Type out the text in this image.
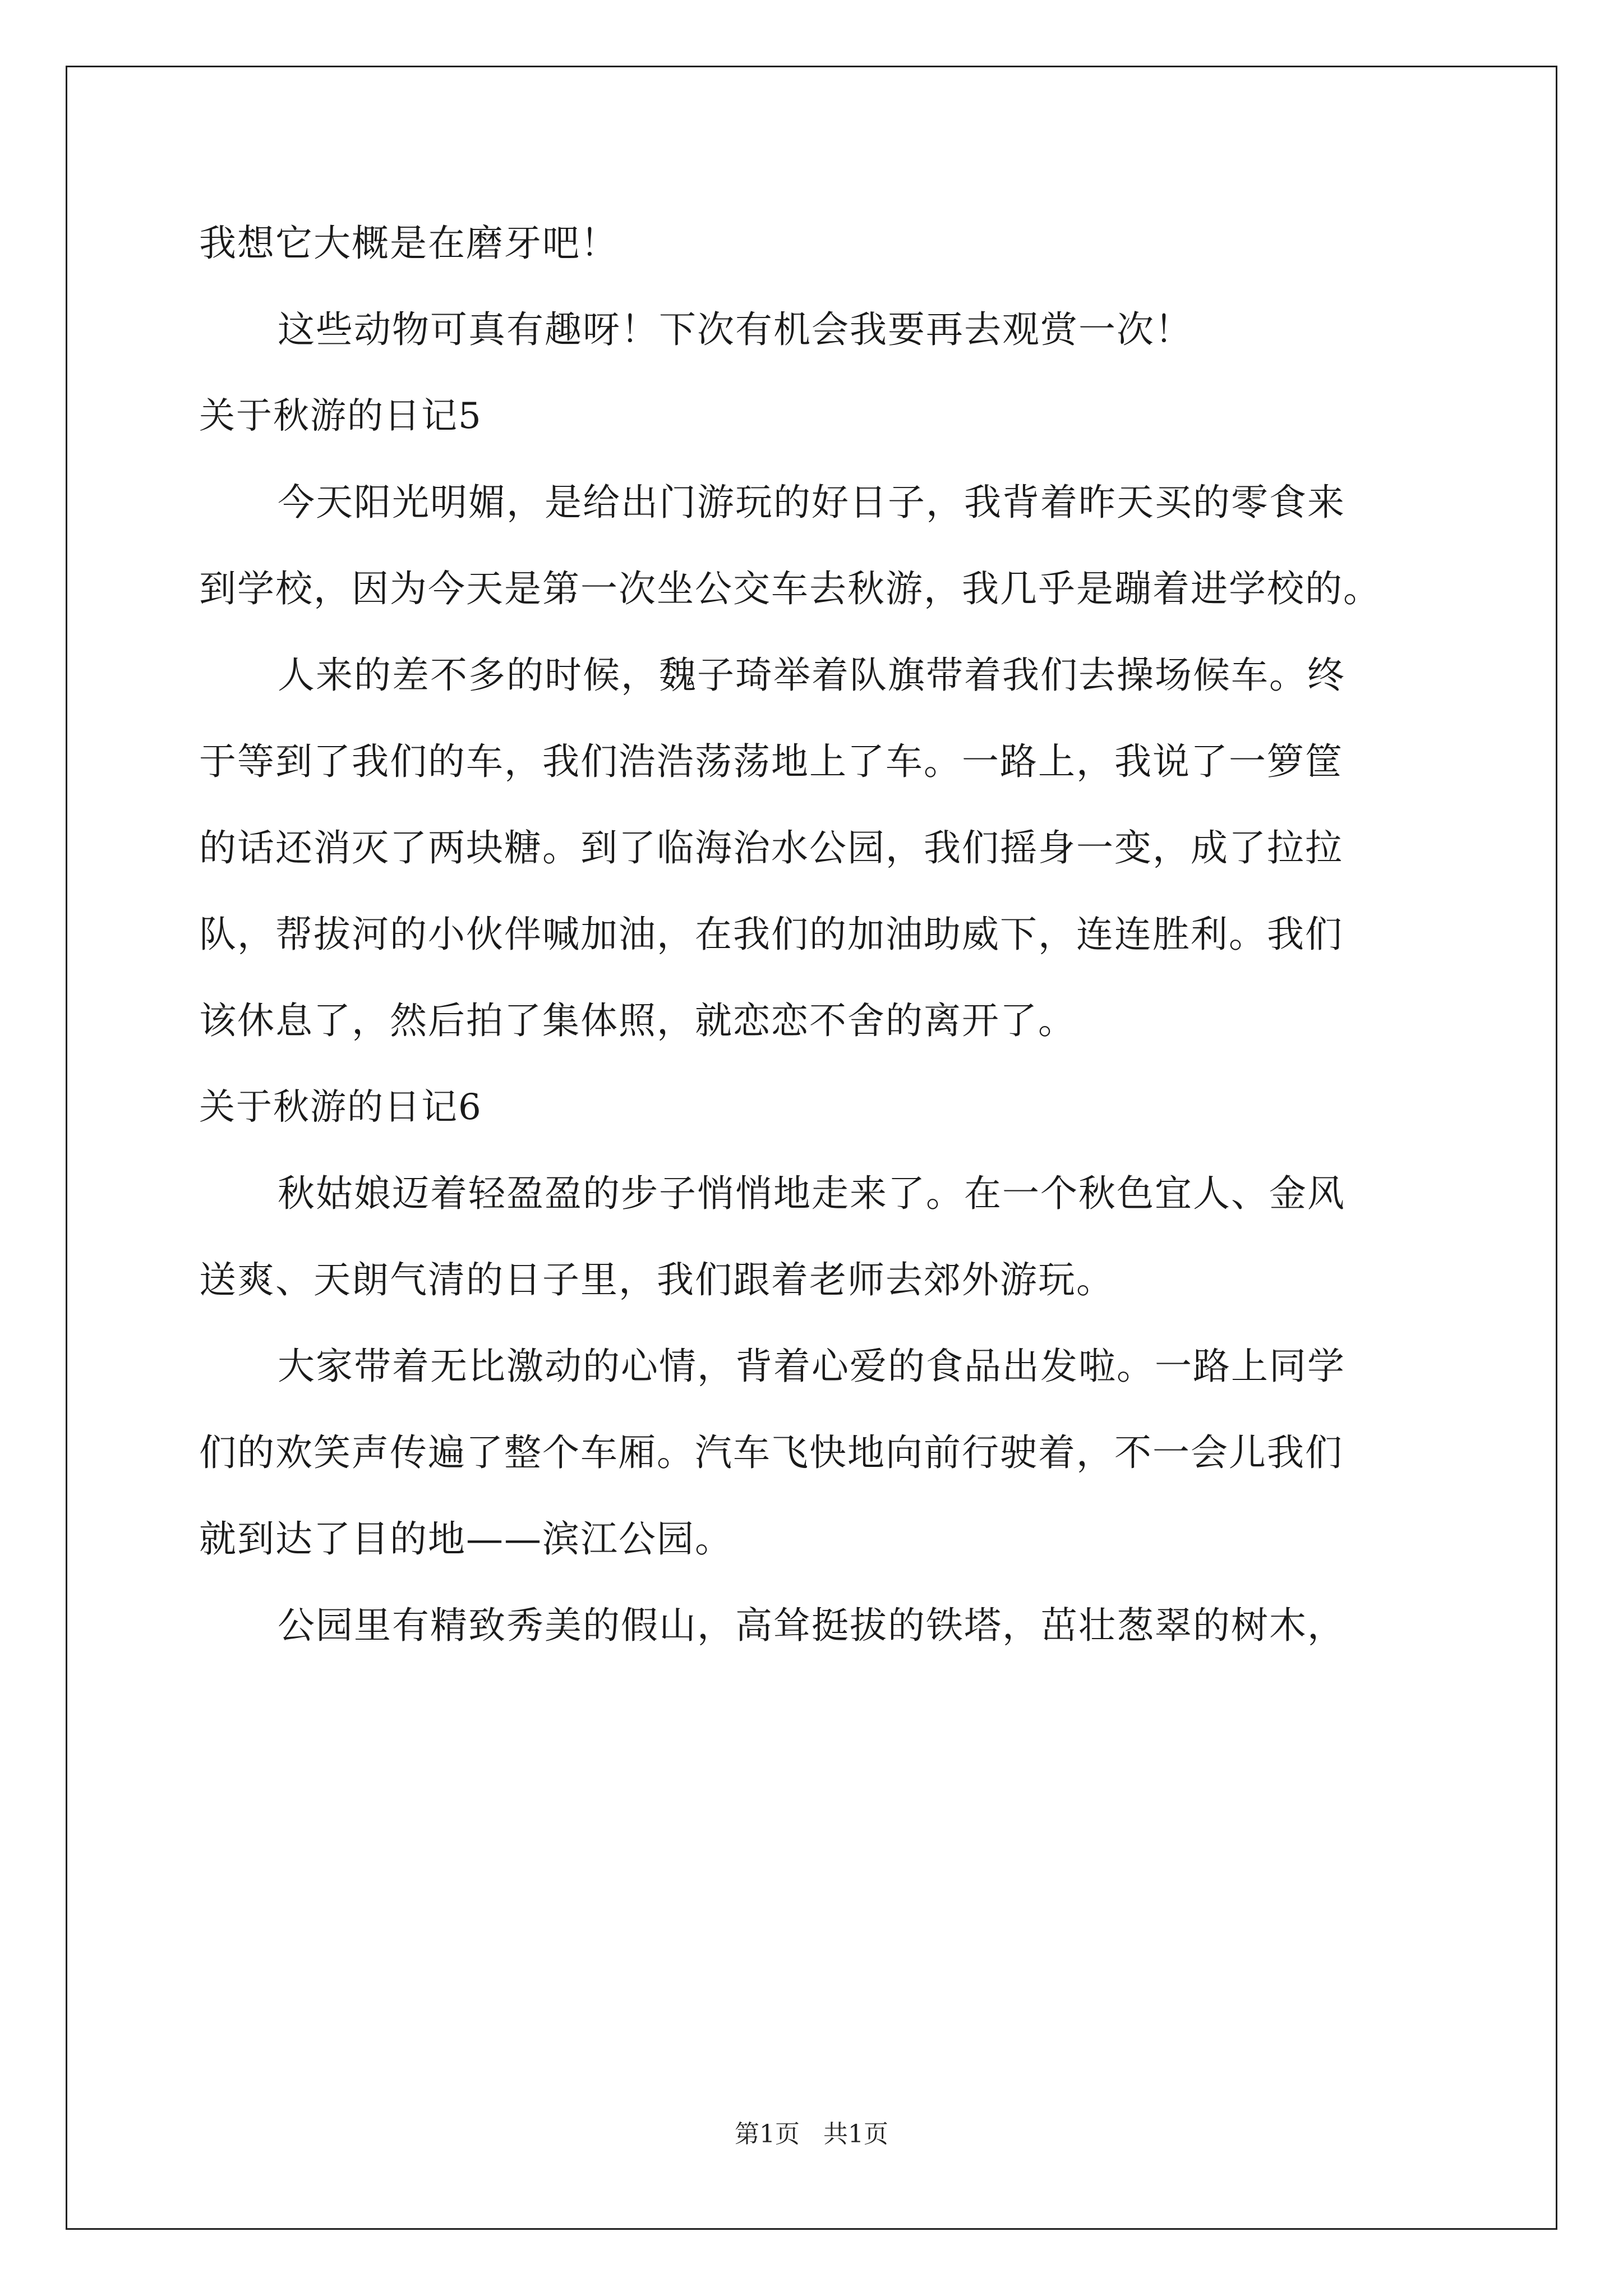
我想它大概是在磨牙吧！

这些动物可真有趣呀！下次有机会我要再去观赏一次！

关于秋游的日记5

今天阳光明媚，是给出门游玩的好日子，我背着昨天买的零食来

到学校，因为今天是第一次坐公交车去秋游，我几乎是蹦着进学校的。

人来的差不多的时候，魏子琦举着队旗带着我们去操场候车。终

于等到了我们的车，我们浩浩荡荡地上了车。一路上，我说了一箩筐

的话还消灭了两块糖。到了临海治水公园，我们摇身一变，成了拉拉

队，帮拔河的小伙伴喊加油，在我们的加油助威下，连连胜利。我们

该休息了，然后拍了集体照，就恋恋不舍的离开了。

关于秋游的日记6

秋姑娘迈着轻盈盈的步子悄悄地走来了。在一个秋色宜人、金风

送爽、天朗气清的日子里，我们跟着老师去郊外游玩。

大家带着无比激动的心情，背着心爱的食品出发啦。一路上同学

们的欢笑声传遍了整个车厢。汽车飞快地向前行驶着，不一会儿我们

就到达了目的地——滨江公园。

公园里有精致秀美的假山，高耸挺拔的铁塔，茁壮葱翠的树木，

第1页 共1页
